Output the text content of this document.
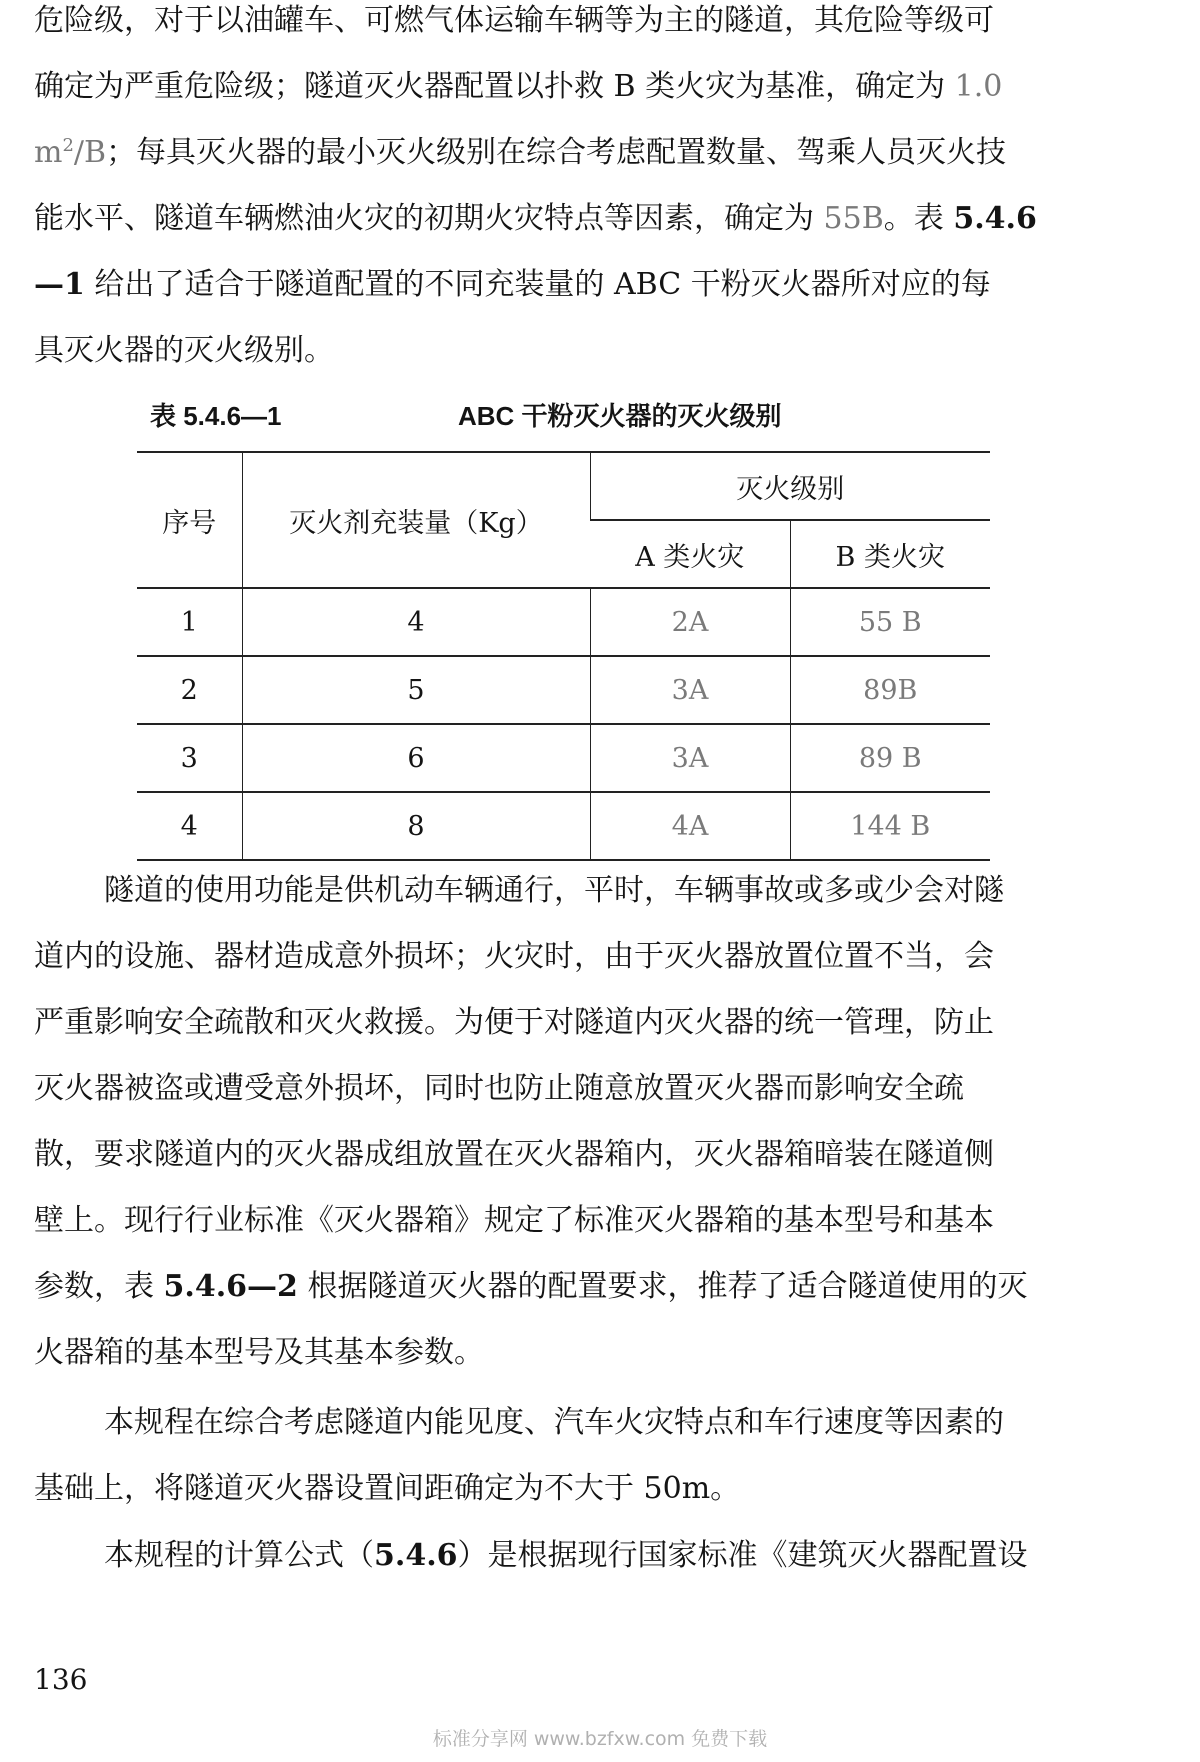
危险级，对于以油罐车、可燃气体运输车辆等为主的隧道，其危险等级可
确定为严重危险级；隧道灭火器配置以扑救 B 类火灾为基准，确定为 1.0
$m^2/B$；每具灭火器的最小灭火级别在综合考虑配置数量、驾乘人员灭火技
能水平、隧道车辆燃油火灾的初期火灾特点等因素，确定为 55B。表 5.4.6
—1 给出了适合于隧道配置的不同充装量的 ABC 干粉灭火器所对应的每
具灭火器的灭火级别。
表 5.4.6—1	ABC 干粉灭火器的灭火级别
序号	灭火剂充装量（Kg）	灭火级别	
		A 类火灾	B 类火灾
1	4	2A	55 B
2	5	3A	89B
3	6	3A	89 B
4	8	4A	144 B
隧道的使用功能是供机动车辆通行，平时，车辆事故或多或少会对隧
道内的设施、器材造成意外损坏；火灾时，由于灭火器放置位置不当，会
严重影响安全疏散和灭火救援。为便于对隧道内灭火器的统一管理，防止
灭火器被盗或遭受意外损坏，同时也防止随意放置灭火器而影响安全疏
散，要求隧道内的灭火器成组放置在灭火器箱内，灭火器箱暗装在隧道侧
壁上。现行行业标准《灭火器箱》规定了标准灭火器箱的基本型号和基本
参数，表 5.4.6—2 根据隧道灭火器的配置要求，推荐了适合隧道使用的灭
火器箱的基本型号及其基本参数。
本规程在综合考虑隧道内能见度、汽车火灾特点和车行速度等因素的
基础上，将隧道灭火器设置间距确定为不大于 50m。
本规程的计算公式（5.4.6）是根据现行国家标准《建筑灭火器配置设
136
标准分享网 www.bzfxw.com 免费下载
